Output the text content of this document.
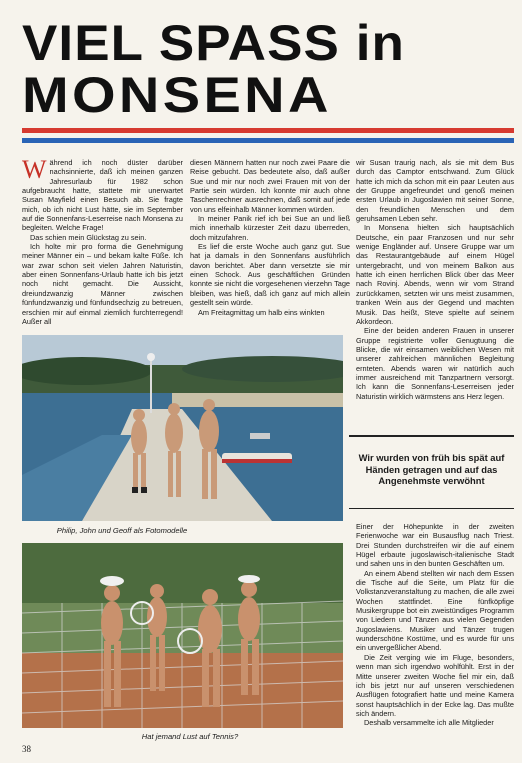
VIEL SPASS in
MONSENA

Während ich noch düster darüber nachsinnierte, daß ich meinen ganzen Jahresurlaub für 1982 schon aufgebraucht hatte, stattete mir unerwartet Susan Mayfield einen Besuch ab. Sie fragte mich, ob ich nicht Lust hätte, sie im September auf die Sonnenfans-Leserreise nach Monsena zu begleiten. Welche Frage!

Das schien mein Glückstag zu sein.

Ich holte mir pro forma die Genehmigung meiner Männer ein – und bekam kalte Füße. Ich war zwar schon seit vielen Jahren Naturistin, aber einen Sonnenfans-Urlaub hatte ich bis jetzt noch nicht gemacht. Die Aussicht, dreiundzwanzig Männer zwischen fünfundzwanzig und fünfundsechzig zu betreuen, erschien mir auf einmal ziemlich furchterregend! Außer all

diesen Männern hatten nur noch zwei Paare die Reise gebucht. Das bedeutete also, daß außer Sue und mir nur noch zwei Frauen mit von der Partie sein würden. Ich konnte mir auch ohne Taschenrechner ausrechnen, daß somit auf jede von uns elfeinhalb Männer kommen würden.

In meiner Panik rief ich bei Sue an und ließ mich innerhalb kürzester Zeit dazu überreden, doch mitzufahren.

Es lief die erste Woche auch ganz gut. Sue hat ja damals in den Sonnenfans ausführlich davon berichtet. Aber dann versetzte sie mir einen Schock. Aus geschäftlichen Gründen konnte sie nicht die vorgesehenen vierzehn Tage bleiben, was hieß, daß ich ganz auf mich allein gestellt sein würde.

Am Freitagmittag um halb eins winkten

wir Susan traurig nach, als sie mit dem Bus durch das Camptor entschwand. Zum Glück hatte ich mich da schon mit ein paar Leuten aus der Gruppe angefreundet und genoß meinen ersten Urlaub in Jugoslawien mit seiner Sonne, den freundlichen Menschen und dem geruhsamen Leben sehr.

In Monsena hielten sich hauptsächlich Deutsche, ein paar Franzosen und nur sehr wenige Engländer auf. Unsere Gruppe war um das Restaurantgebäude auf einem Hügel untergebracht, und von meinem Balkon aus hatte ich einen herrlichen Blick über das Meer nach Rovinj. Abends, wenn wir vom Strand zurückkamen, setzten wir uns meist zusammen, tranken Wein aus der Gegend und machten Musik. Das heißt, Steve spielte auf seinem Akkordeon.

Eine der beiden anderen Frauen in unserer Gruppe registrierte voller Genugtuung die Blicke, die wir einsamen weiblichen Wesen mit unserer zahlreichen männlichen Begleitung ernteten. Abends waren wir natürlich auch immer ausreichend mit Tanzpartnern versorgt. Ich kann die Sonnenfans-Leserreisen jeder Naturistin wirklich wärmstens ans Herz legen.

Wir wurden von früh bis spät auf Händen getragen und auf das Angenehmste verwöhnt

Einer der Höhepunkte in der zweiten Ferienwoche war ein Busausflug nach Triest. Drei Stunden durchstreifen wir die auf einem Hügel erbaute jugoslawisch-italienische Stadt und sahen uns in den bunten Geschäften um.

An einem Abend stellten wir nach dem Essen die Tische auf die Seite, um Platz für die Volkstanzveranstaltung zu machen, die alle zwei Wochen stattfindet. Eine fünfköpfige Musikergruppe bot ein zweistündiges Programm von Liedern und Tänzen aus vielen Gegenden Jugoslawiens. Musiker und Tänzer trugen wunderschöne Kostüme, und es wurde für uns ein unvergeßlicher Abend.

Die Zeit verging wie im Fluge, besonders, wenn man sich irgendwo wohlfühlt. Erst in der Mitte unserer zweiten Woche fiel mir ein, daß ich bis jetzt nur auf unseren verschiedenen Ausflügen fotografiert hatte und meine Kamera sonst hauptsächlich in der Ecke lag. Das mußte sich ändern.

Deshalb versammelte ich alle Mitglieder

Philip, John und Geoff als Fotomodelle
Hat jemand Lust auf Tennis?
38
